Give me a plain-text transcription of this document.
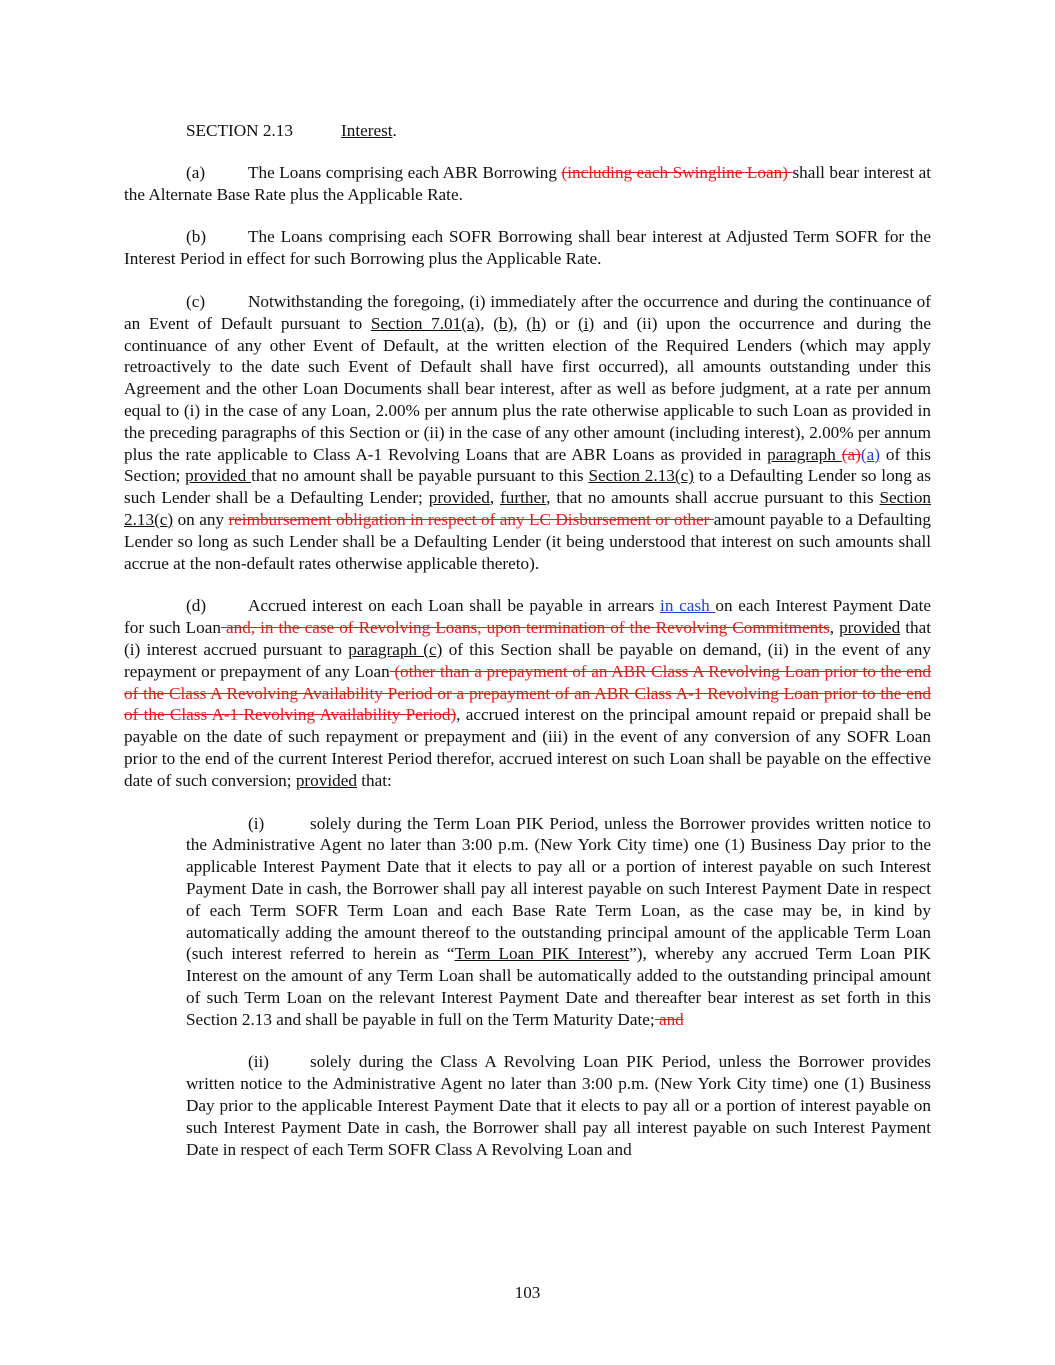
SECTION 2.13	Interest.

(a) The Loans comprising each ABR Borrowing (including each Swingline Loan) shall bear interest at the Alternate Base Rate plus the Applicable Rate.

(b) The Loans comprising each SOFR Borrowing shall bear interest at Adjusted Term SOFR for the Interest Period in effect for such Borrowing plus the Applicable Rate.

(c) Notwithstanding the foregoing, (i) immediately after the occurrence and during the continuance of an Event of Default pursuant to Section 7.01(a), (b), (h) or (i) and (ii) upon the occurrence and during the continuance of any other Event of Default, at the written election of the Required Lenders (which may apply retroactively to the date such Event of Default shall have first occurred), all amounts outstanding under this Agreement and the other Loan Documents shall bear interest, after as well as before judgment, at a rate per annum equal to (i) in the case of any Loan, 2.00% per annum plus the rate otherwise applicable to such Loan as provided in the preceding paragraphs of this Section or (ii) in the case of any other amount (including interest), 2.00% per annum plus the rate applicable to Class A-1 Revolving Loans that are ABR Loans as provided in paragraph (a)(a) of this Section; provided that no amount shall be payable pursuant to this Section 2.13(c) to a Defaulting Lender so long as such Lender shall be a Defaulting Lender; provided, further, that no amounts shall accrue pursuant to this Section 2.13(c) on any reimbursement obligation in respect of any LC Disbursement or other amount payable to a Defaulting Lender so long as such Lender shall be a Defaulting Lender (it being understood that interest on such amounts shall accrue at the non-default rates otherwise applicable thereto).

(d) Accrued interest on each Loan shall be payable in arrears in cash on each Interest Payment Date for such Loan and, in the case of Revolving Loans, upon termination of the Revolving Commitments, provided that (i) interest accrued pursuant to paragraph (c) of this Section shall be payable on demand, (ii) in the event of any repayment or prepayment of any Loan (other than a prepayment of an ABR Class A Revolving Loan prior to the end of the Class A Revolving Availability Period or a prepayment of an ABR Class A-1 Revolving Loan prior to the end of the Class A-1 Revolving Availability Period), accrued interest on the principal amount repaid or prepaid shall be payable on the date of such repayment or prepayment and (iii) in the event of any conversion of any SOFR Loan prior to the end of the current Interest Period therefor, accrued interest on such Loan shall be payable on the effective date of such conversion; provided that:

(i)	solely during the Term Loan PIK Period, unless the Borrower provides written notice to the Administrative Agent no later than 3:00 p.m. (New York City time) one (1) Business Day prior to the applicable Interest Payment Date that it elects to pay all or a portion of interest payable on such Interest Payment Date in cash, the Borrower shall pay all interest payable on such Interest Payment Date in respect of each Term SOFR Term Loan and each Base Rate Term Loan, as the case may be, in kind by automatically adding the amount thereof to the outstanding principal amount of the applicable Term Loan (such interest referred to herein as “Term Loan PIK Interest”), whereby any accrued Term Loan PIK Interest on the amount of any Term Loan shall be automatically added to the outstanding principal amount of such Term Loan on the relevant Interest Payment Date and thereafter bear interest as set forth in this Section 2.13 and shall be payable in full on the Term Maturity Date; and

(ii) solely during the Class A Revolving Loan PIK Period, unless the Borrower provides written notice to the Administrative Agent no later than 3:00 p.m. (New York City time) one (1) Business Day prior to the applicable Interest Payment Date that it elects to pay all or a portion of interest payable on such Interest Payment Date in cash, the Borrower shall pay all interest payable on such Interest Payment Date in respect of each Term SOFR Class A Revolving Loan and

103
